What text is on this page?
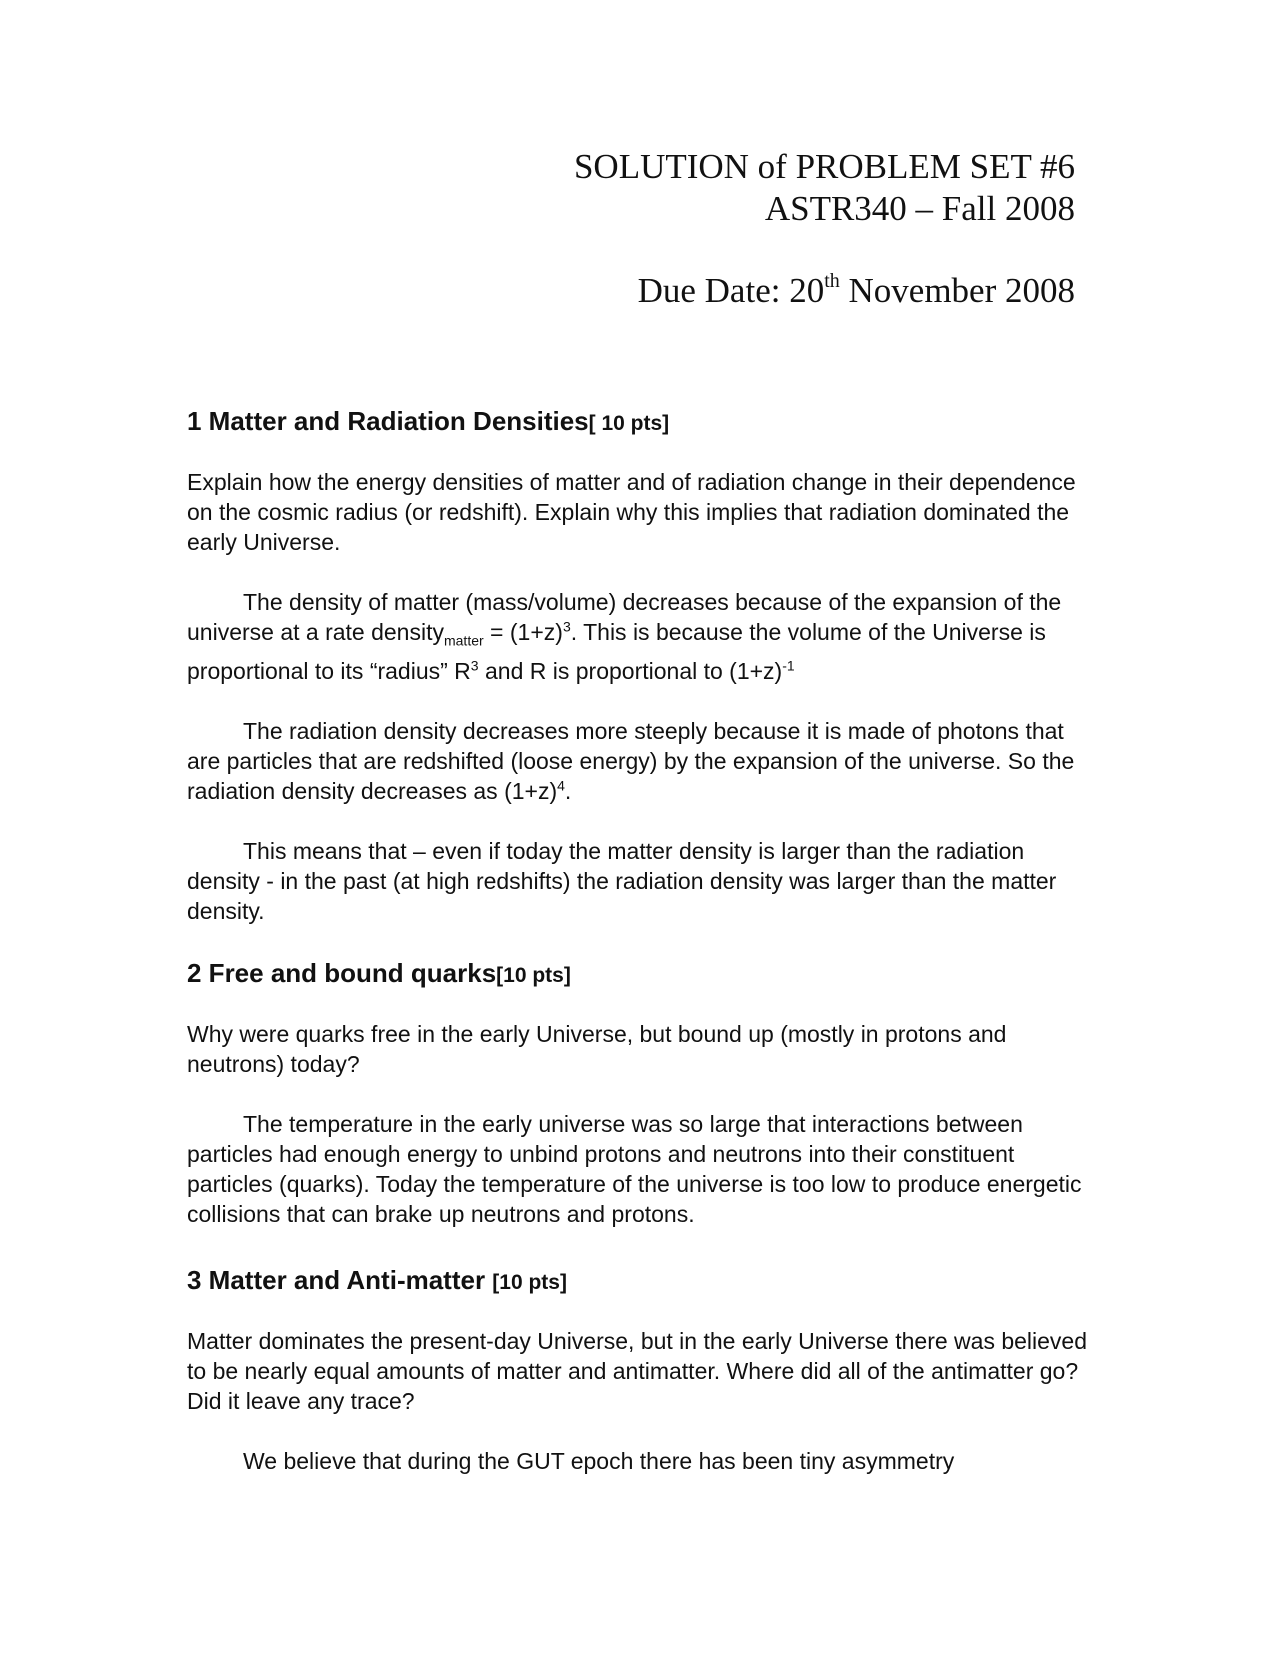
SOLUTION of PROBLEM SET #6
ASTR340 – Fall 2008
Due Date: 20th November 2008
1 Matter and Radiation Densities[ 10 pts]

Explain how the energy densities of matter and of radiation change in their dependence on the cosmic radius (or redshift). Explain why this implies that radiation dominated the early Universe.

The density of matter (mass/volume) decreases because of the expansion of the universe at a rate density$_{matter}$ = $(1+z)^3$. This is because the volume of the Universe is proportional to its “radius” $R^3$ and R is proportional to $(1+z)^{-1}$

The radiation density decreases more steeply because it is made of photons that are particles that are redshifted (loose energy) by the expansion of the universe. So the radiation density decreases as $(1+z)^4$.

This means that – even if today the matter density is larger than the radiation density - in the past (at high redshifts) the radiation density was larger than the matter density.

2 Free and bound quarks[10 pts]

Why were quarks free in the early Universe, but bound up (mostly in protons and neutrons) today?

The temperature in the early universe was so large that interactions between particles had enough energy to unbind protons and neutrons into their constituent particles (quarks). Today the temperature of the universe is too low to produce energetic collisions that can brake up neutrons and protons.

3 Matter and Anti-matter [10 pts]

Matter dominates the present-day Universe, but in the early Universe there was believed to be nearly equal amounts of matter and antimatter. Where did all of the antimatter go? Did it leave any trace?

We believe that during the GUT epoch there has been tiny asymmetry
